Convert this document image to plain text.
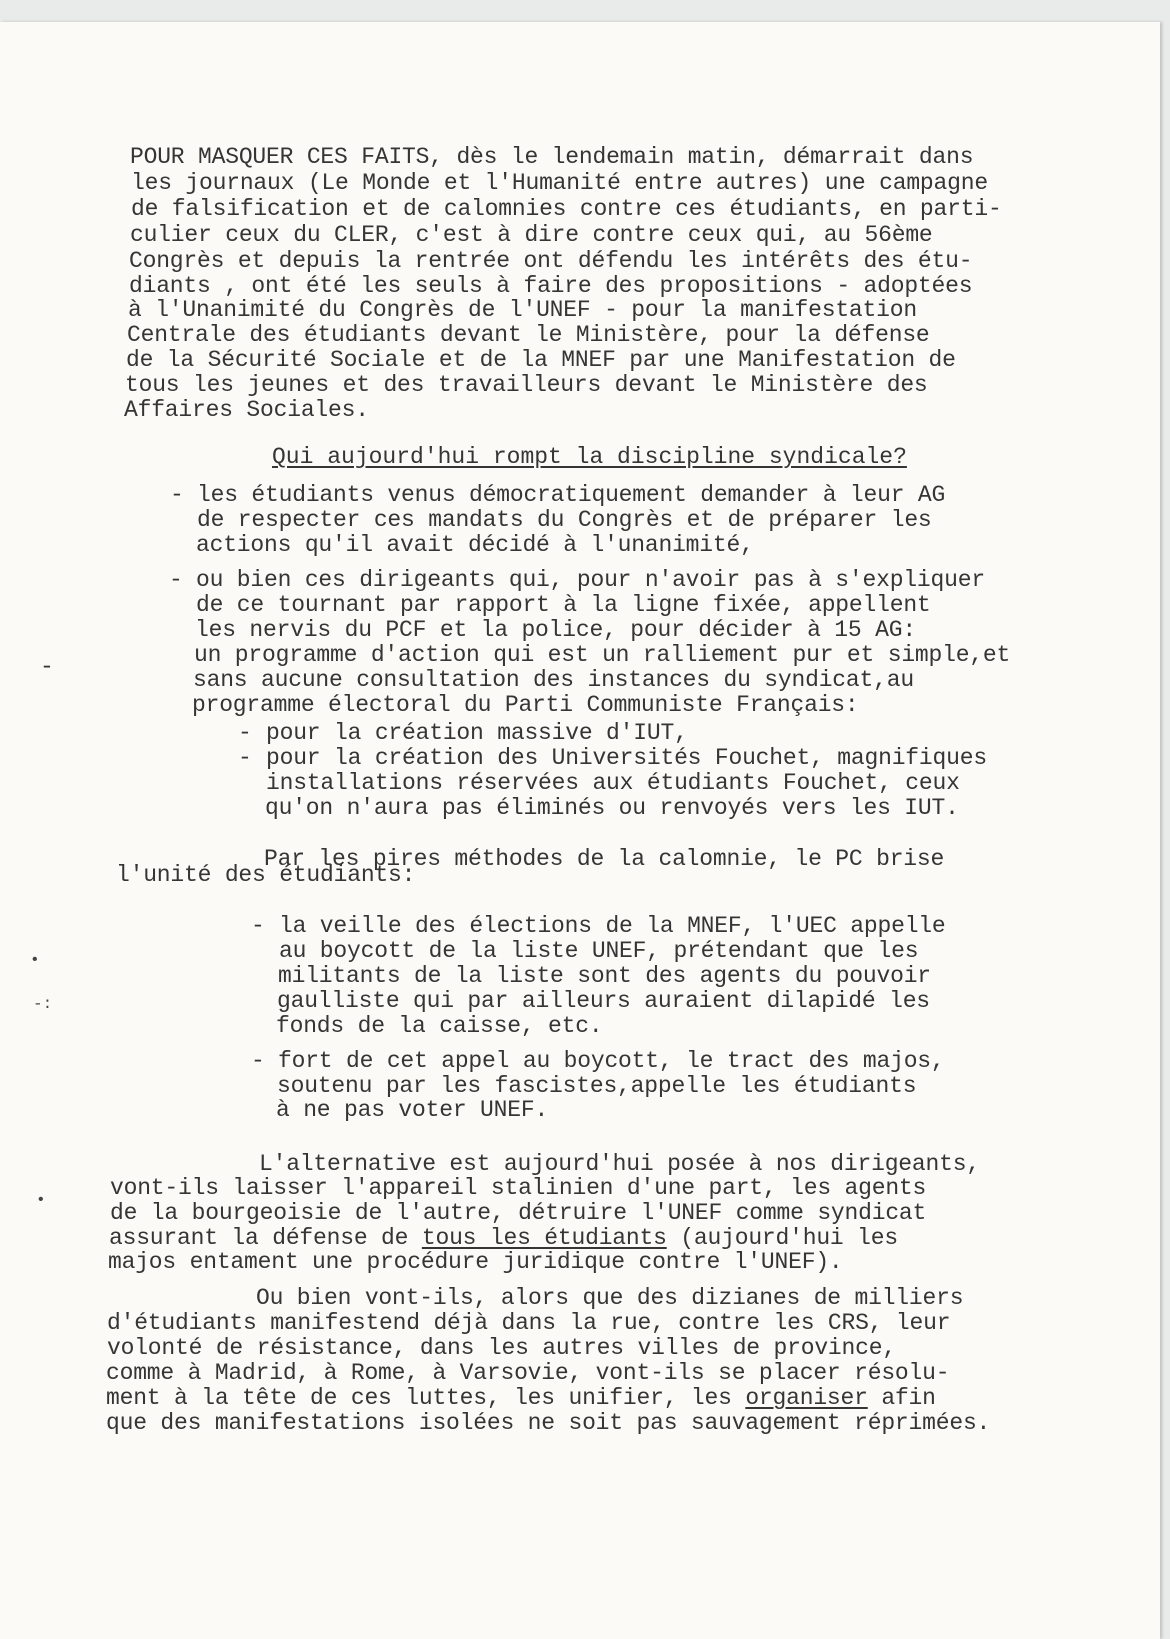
POUR MASQUER CES FAITS, dès le lendemain matin, démarrait dans

les journaux (Le Monde et l'Humanité entre autres) une campagne

de falsification et de calomnies contre ces étudiants, en parti-

culier ceux du CLER, c'est à dire contre ceux qui, au 56ème

Congrès et depuis la rentrée ont défendu les intérêts des étu-

diants , ont été les seuls à faire des propositions - adoptées

à l'Unanimité du Congrès de l'UNEF - pour la manifestation

Centrale des étudiants devant le Ministère, pour la défense

de la Sécurité Sociale et de la MNEF par une Manifestation de

tous les jeunes et des travailleurs devant le Ministère des

Affaires Sociales.

Qui aujourd'hui rompt la discipline syndicale?

- les étudiants venus démocratiquement demander à leur AG

de respecter ces mandats du Congrès et de préparer les

actions qu'il avait décidé à l'unanimité,

- ou bien ces dirigeants qui, pour n'avoir pas à s'expliquer

de ce tournant par rapport à la ligne fixée, appellent

les nervis du PCF et la police, pour décider à 15 AG:

un programme d'action qui est un ralliement pur et simple,et

sans aucune consultation des instances du syndicat,au

programme électoral du Parti Communiste Français:

-
- pour la création massive d'IUT,

- pour la création des Universités Fouchet, magnifiques

installations réservées aux étudiants Fouchet, ceux

qu'on n'aura pas éliminés ou renvoyés vers les IUT.

Par les pires méthodes de la calomnie, le PC brise

l'unité des étudiants:

- la veille des élections de la MNEF, l'UEC appelle

au boycott de la liste UNEF, prétendant que les

militants de la liste sont des agents du pouvoir

gaulliste qui par ailleurs auraient dilapidé les

fonds de la caisse, etc.

•
-:
- fort de cet appel au boycott, le tract des majos,

soutenu par les fascistes,appelle les étudiants

à ne pas voter UNEF.

L'alternative est aujourd'hui posée à nos dirigeants,

vont-ils laisser l'appareil stalinien d'une part, les agents

de la bourgeoisie de l'autre, détruire l'UNEF comme syndicat

assurant la défense de tous les étudiants (aujourd'hui les

majos entament une procédure juridique contre l'UNEF).

•

Ou bien vont-ils, alors que des dizianes de milliers

d'étudiants manifestend déjà dans la rue, contre les CRS, leur

volonté de résistance, dans les autres villes de province,

comme à Madrid, à Rome, à Varsovie, vont-ils se placer résolu-

ment à la tête de ces luttes, les unifier, les organiser afin

que des manifestations isolées ne soit pas sauvagement réprimées.
